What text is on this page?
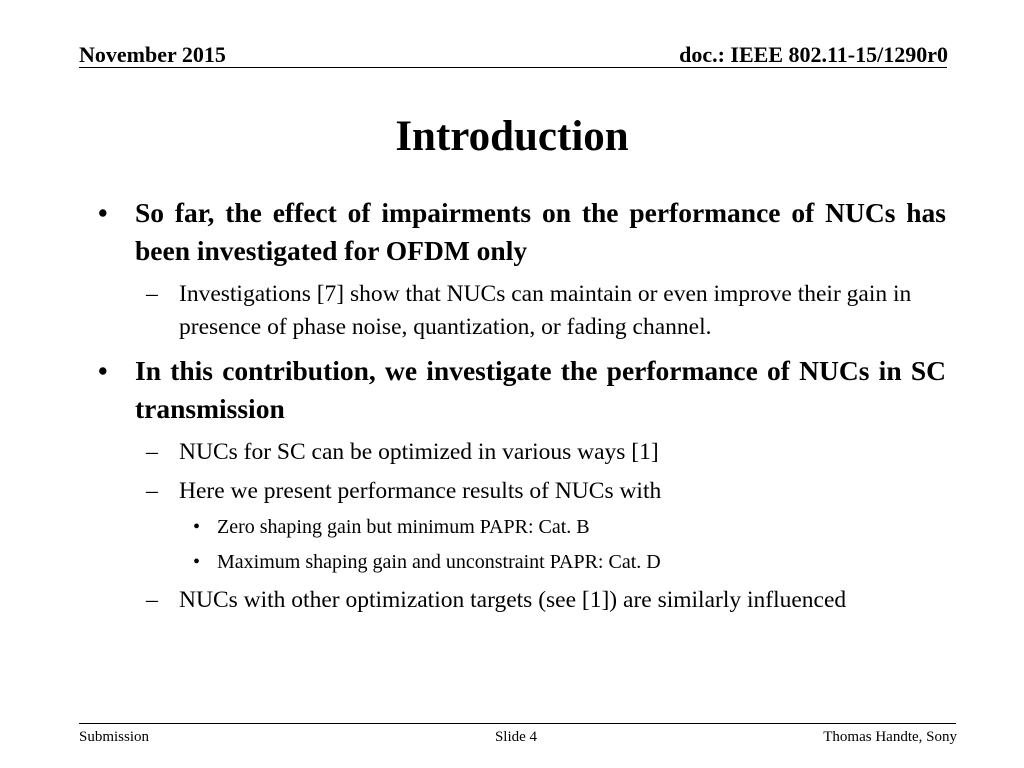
November 2015	doc.: IEEE 802.11-15/1290r0
Introduction
• So far, the effect of impairments on the performance of NUCs has been investigated for OFDM only
– Investigations [7] show that NUCs can maintain or even improve their gain in presence of phase noise, quantization, or fading channel.
• In this contribution, we investigate the performance of NUCs in SC transmission
– NUCs for SC can be optimized in various ways [1]
– Here we present performance results of NUCs with
• Zero shaping gain but minimum PAPR: Cat. B
• Maximum shaping gain and unconstraint PAPR: Cat. D
– NUCs with other optimization targets (see [1]) are similarly influenced
Submission	Slide 4	Thomas Handte, Sony
